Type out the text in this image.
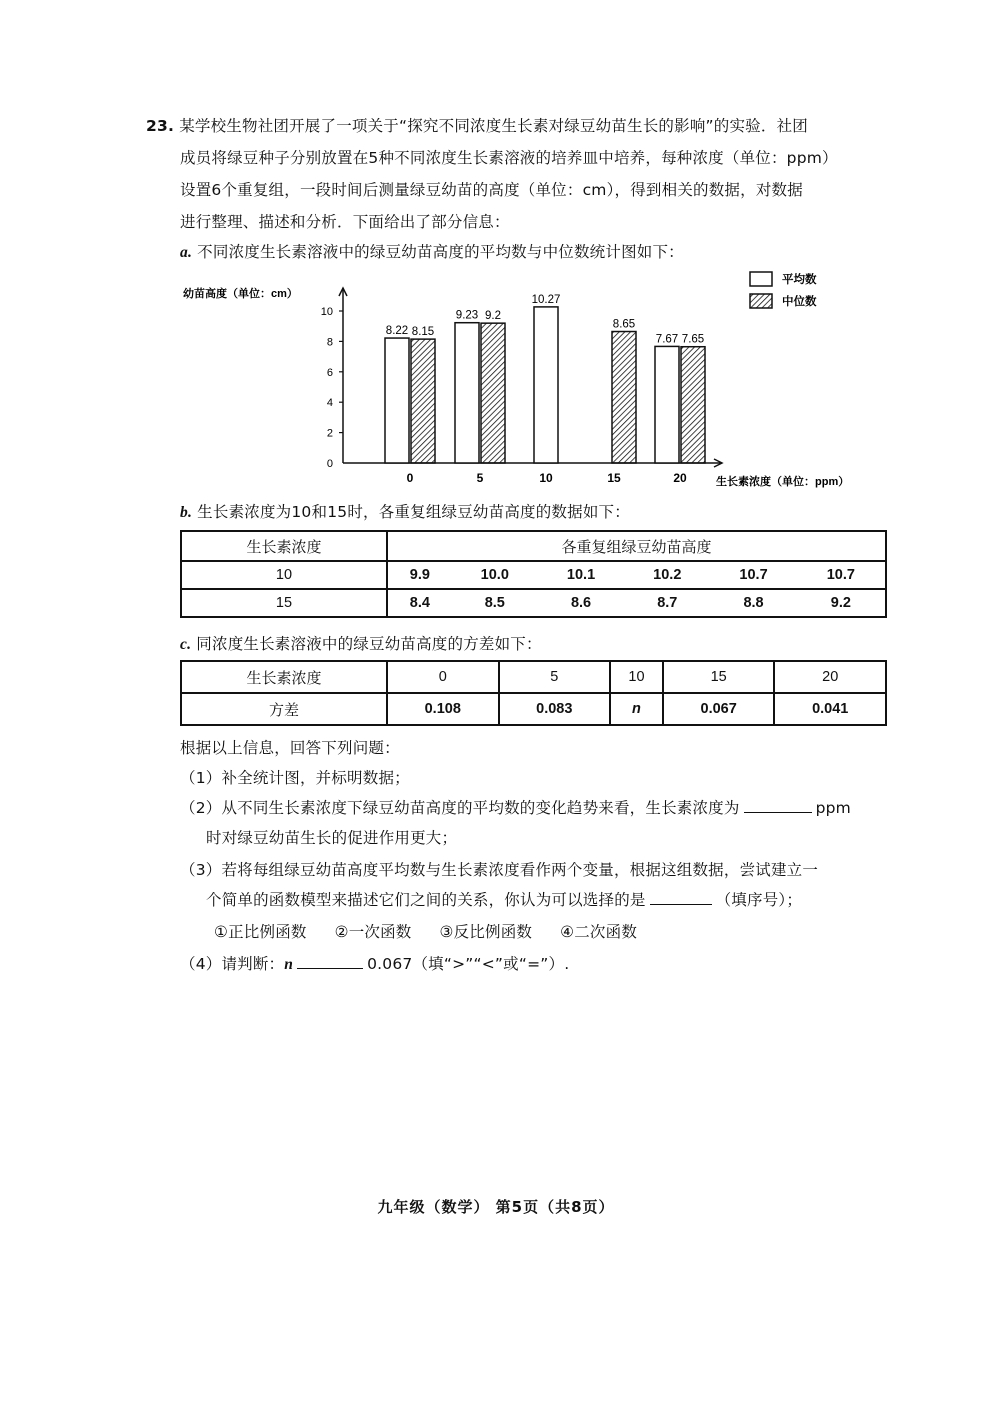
23. 某学校生物社团开展了一项关于“探究不同浓度生长素对绿豆幼苗生长的影响”的实验．社团
成员将绿豆种子分别放置在5种不同浓度生长素溶液的培养皿中培养，每种浓度（单位：ppm）
设置6个重复组，一段时间后测量绿豆幼苗的高度（单位：cm），得到相关的数据，对数据
进行整理、描述和分析．下面给出了部分信息：
a. 不同浓度生长素溶液中的绿豆幼苗高度的平均数与中位数统计图如下：
0
2
4
6
8
10
幼苗高度（单位：cm）
生长素浓度（单位：ppm）
0
8.22 8.15
5
9.23 9.2
10
10.27
15
8.65
20
7.67 7.65
平均数
中位数
b. 生长素浓度为10和15时，各重复组绿豆幼苗高度的数据如下：
生长素浓度	各重复组绿豆幼苗高度					
10	9.9	10.0	10.1	10.2	10.7	10.7
15	8.4	8.5	8.6	8.7	8.8	9.2
c. 同浓度生长素溶液中的绿豆幼苗高度的方差如下：
生长素浓度	0	5	10	15	20
方差	0.108	0.083	n	0.067	0.041
根据以上信息，回答下列问题：
（1）补全统计图，并标明数据；
（2）从不同生长素浓度下绿豆幼苗高度的平均数的变化趋势来看，生长素浓度为	ppm
时对绿豆幼苗生长的促进作用更大；
（3）若将每组绿豆幼苗高度平均数与生长素浓度看作两个变量，根据这组数据，尝试建立一
个简单的函数模型来描述它们之间的关系，你认为可以选择的是	（填序号）；
①正比例函数 ②一次函数 ③反比例函数 ④二次函数
（4）请判断：n	0.067（填“>”“<”或“=”）.
九年级（数学） 第5页（共8页）
